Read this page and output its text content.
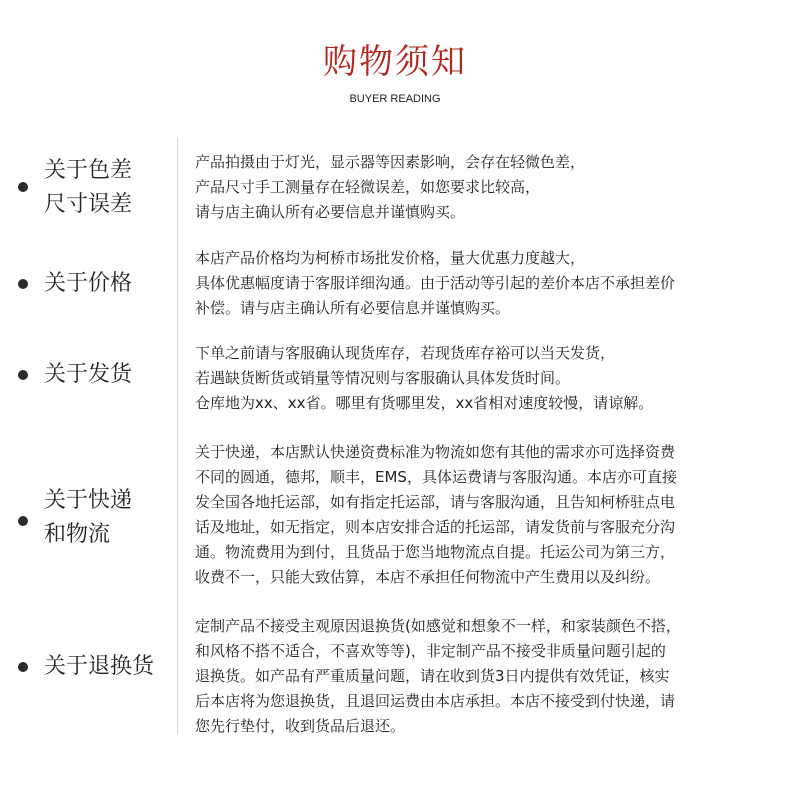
购物须知
BUYER READING
关于色差
尺寸误差
产品拍摄由于灯光，显示器等因素影响，会存在轻微色差，
产品尺寸手工测量存在轻微误差，如您要求比较高，
请与店主确认所有必要信息并谨慎购买。
关于价格
本店产品价格均为柯桥市场批发价格，量大优惠力度越大，
具体优惠幅度请于客服详细沟通。由于活动等引起的差价本店不承担差价
补偿。请与店主确认所有必要信息并谨慎购买。
关于发货
下单之前请与客服确认现货库存，若现货库存裕可以当天发货，
若遇缺货断货或销量等情况则与客服确认具体发货时间。
仓库地为xx、xx省。哪里有货哪里发，xx省相对速度较慢，请谅解。
关于快递
和物流
关于快递，本店默认快递资费标准为物流如您有其他的需求亦可选择资费
不同的圆通，德邦，顺丰，EMS，具体运费请与客服沟通。本店亦可直接
发全国各地托运部，如有指定托运部，请与客服沟通，且告知柯桥驻点电
话及地址，如无指定，则本店安排合适的托运部，请发货前与客服充分沟
通。物流费用为到付，且货品于您当地物流点自提。托运公司为第三方，
收费不一，只能大致估算，本店不承担任何物流中产生费用以及纠纷。
关于退换货
定制产品不接受主观原因退换货(如感觉和想象不一样，和家装颜色不搭，
和风格不搭不适合，不喜欢等等)，非定制产品不接受非质量问题引起的
退换货。如产品有严重质量问题，请在收到货3日内提供有效凭证，核实
后本店将为您退换货，且退回运费由本店承担。本店不接受到付快递，请
您先行垫付，收到货品后退还。
